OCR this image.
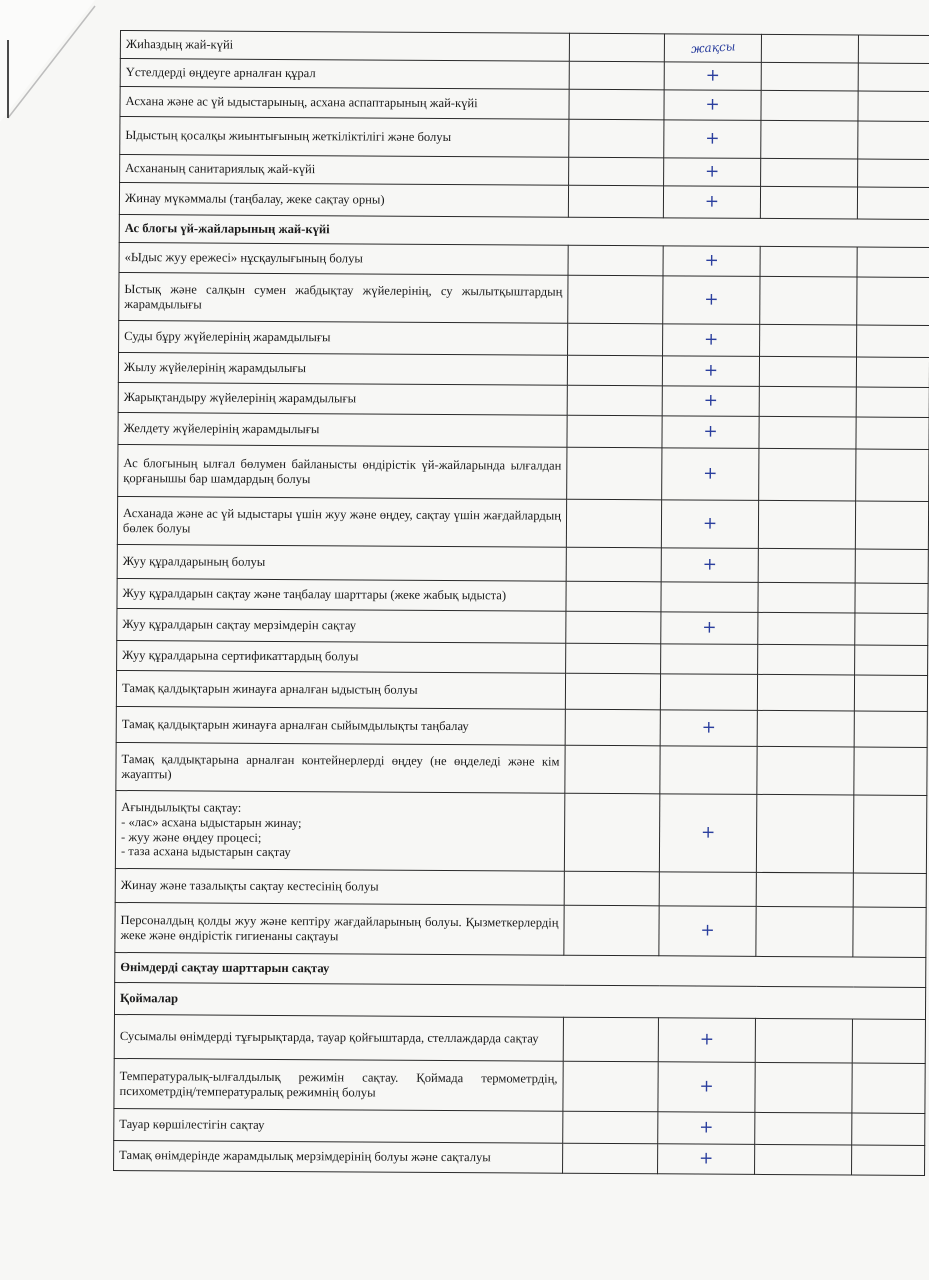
Жиһаздың жай-күйі		жақсы		
Үстелдерді өңдеуге арналған құрал		+		
Асхана және ас үй ыдыстарының, асхана аспаптарының жай-күйі		+		
Ыдыстың қосалқы жиынтығының жеткіліктілігі және болуы		+		
Асхананың санитариялық жай-күйі		+		
Жинау мүкәммалы (таңбалау, жеке сақтау орны)		+		
Ас блогы үй-жайларының жай-күйі				
«Ыдыс жуу ережесі» нұсқаулығының болуы		+		
Ыстық және салқын сумен жабдықтау жүйелерінің, су жылытқыштардың жарамдылығы		+		
Суды бұру жүйелерінің жарамдылығы		+		
Жылу жүйелерінің жарамдылығы		+		
Жарықтандыру жүйелерінің жарамдылығы		+		
Желдету жүйелерінің жарамдылығы		+		
Ас блогының ылғал бөлумен байланысты өндірістік үй-жайларында ылғалдан қорғанышы бар шамдардың болуы		+		
Асханада және ас үй ыдыстары үшін жуу және өңдеу, сақтау үшін жағдайлардың бөлек болуы		+		
Жуу құралдарының болуы		+		
Жуу құралдарын сақтау және таңбалау шарттары (жеке жабық ыдыста)				
Жуу құралдарын сақтау мерзімдерін сақтау		+		
Жуу құралдарына сертификаттардың болуы				
Тамақ қалдықтарын жинауға арналған ыдыстың болуы				
Тамақ қалдықтарын жинауға арналған сыйымдылықты таңбалау		+		
Тамақ қалдықтарына арналған контейнерлерді өңдеу (не өңделеді және кім жауапты)				
Ағындылықты сақтау:
- «лас» асхана ыдыстарын жинау;
- жуу және өңдеу процесі;
- таза асхана ыдыстарын сақтау		+		
Жинау және тазалықты сақтау кестесінің болуы				
Персоналдың қолды жуу және кептіру жағдайларының болуы. Қызметкерлердің жеке және өндірістік гигиенаны сақтауы		+		
Өнімдерді сақтау шарттарын сақтау				
Қоймалар				
Сусымалы өнімдерді тұғырықтарда, тауар қойғыштарда, стеллаждарда сақтау		+		
Температуралық-ылғалдылық режимін сақтау. Қоймада термометрдің, психометрдің/температуралық режимнің болуы		+		
Тауар көршілестігін сақтау		+		
Тамақ өнімдерінде жарамдылық мерзімдерінің болуы және сақталуы		+		
